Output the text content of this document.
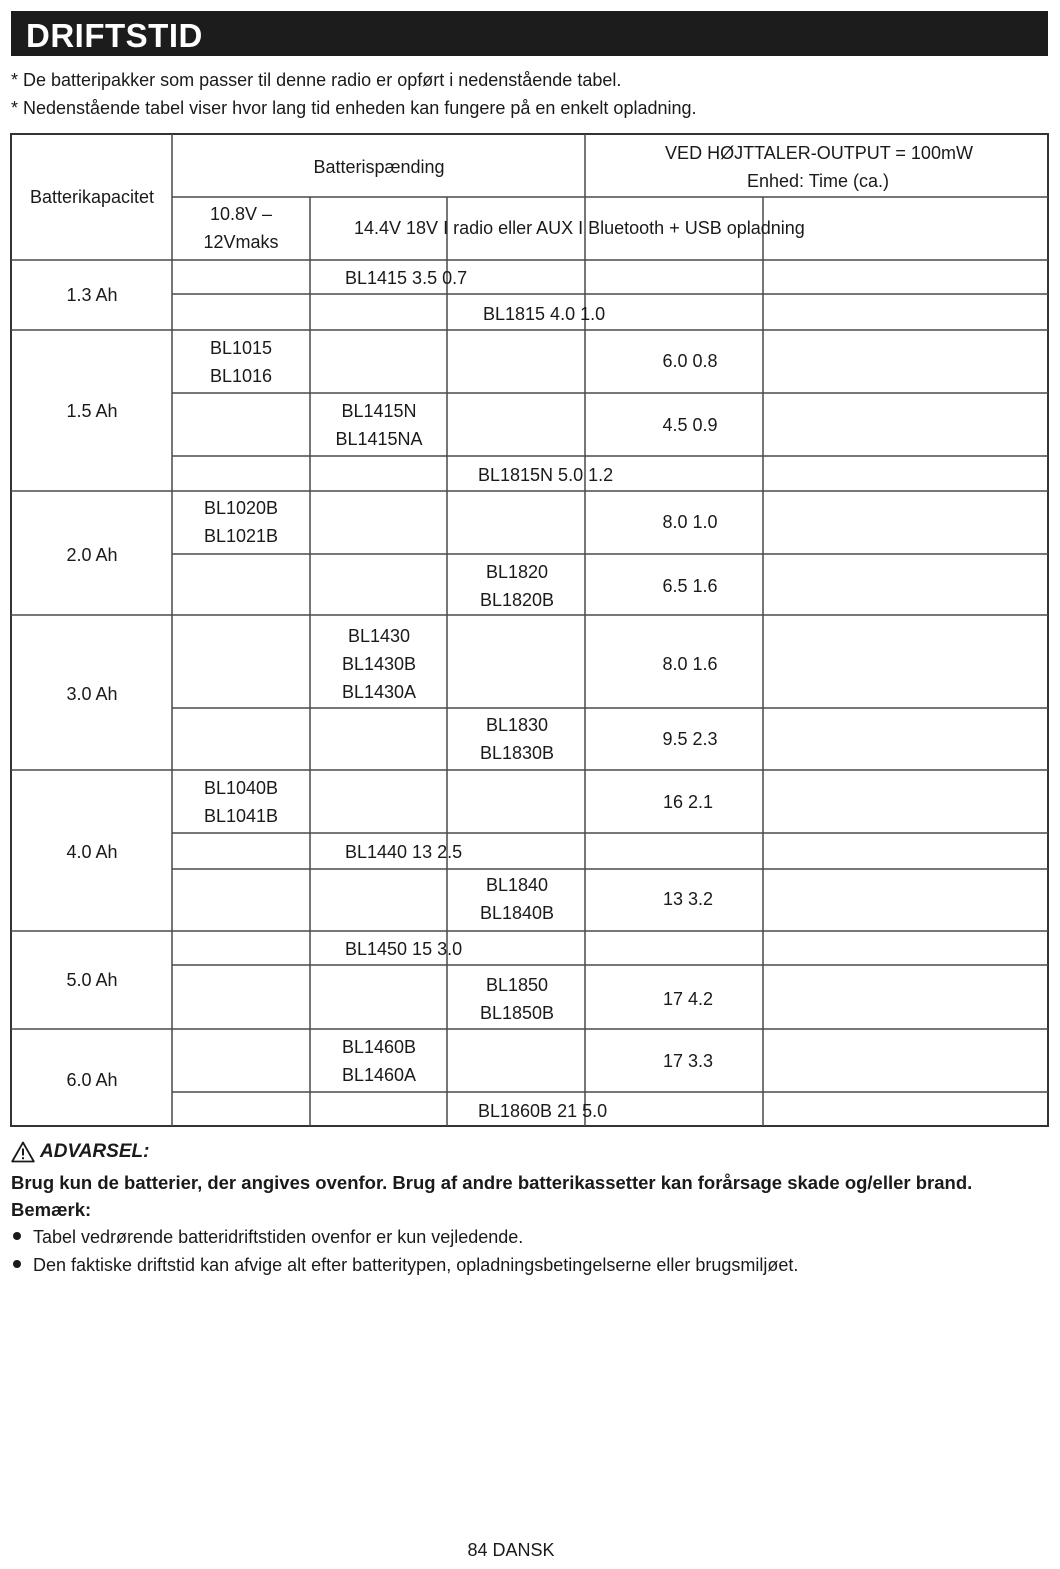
DRIFTSTID
* De batteripakker som passer til denne radio er opført i nedenstående tabel.
* Nedenstående tabel viser hvor lang tid enheden kan fungere på en enkelt opladning.
Batterikapacitet
Batterispænding
VED HØJTTALER-OUTPUT = 100mW
Enhed: Time (ca.)
10.8V –
12Vmaks
14.4V 18V I radio eller AUX I Bluetooth + USB opladning
1.3 Ah
1.5 Ah
2.0 Ah
3.0 Ah
4.0 Ah
5.0 Ah
6.0 Ah
BL1415 3.5 0.7
BL1815 4.0 1.0
BL1815N 5.0 1.2
BL1440 13 2.5
BL1450 15 3.0
BL1860B 21 5.0
BL1015
BL1016
BL1415N
BL1415NA
BL1020B
BL1021B
BL1820
BL1820B
BL1430
BL1430B
BL1430A
BL1830
BL1830B
BL1040B
BL1041B
BL1840
BL1840B
BL1850
BL1850B
BL1460B
BL1460A
6.0 0.8
4.5 0.9
8.0 1.0
6.5 1.6
8.0 1.6
9.5 2.3
16 2.1
13 3.2
17 4.2
17 3.3
ADVARSEL:
Brug kun de batterier, der angives ovenfor. Brug af andre batterikassetter kan forårsage skade og/eller brand.
Bemærk:
Tabel vedrørende batteridriftstiden ovenfor er kun vejledende.
Den faktiske driftstid kan afvige alt efter batteritypen, opladningsbetingelserne eller brugsmiljøet.
84 DANSK
